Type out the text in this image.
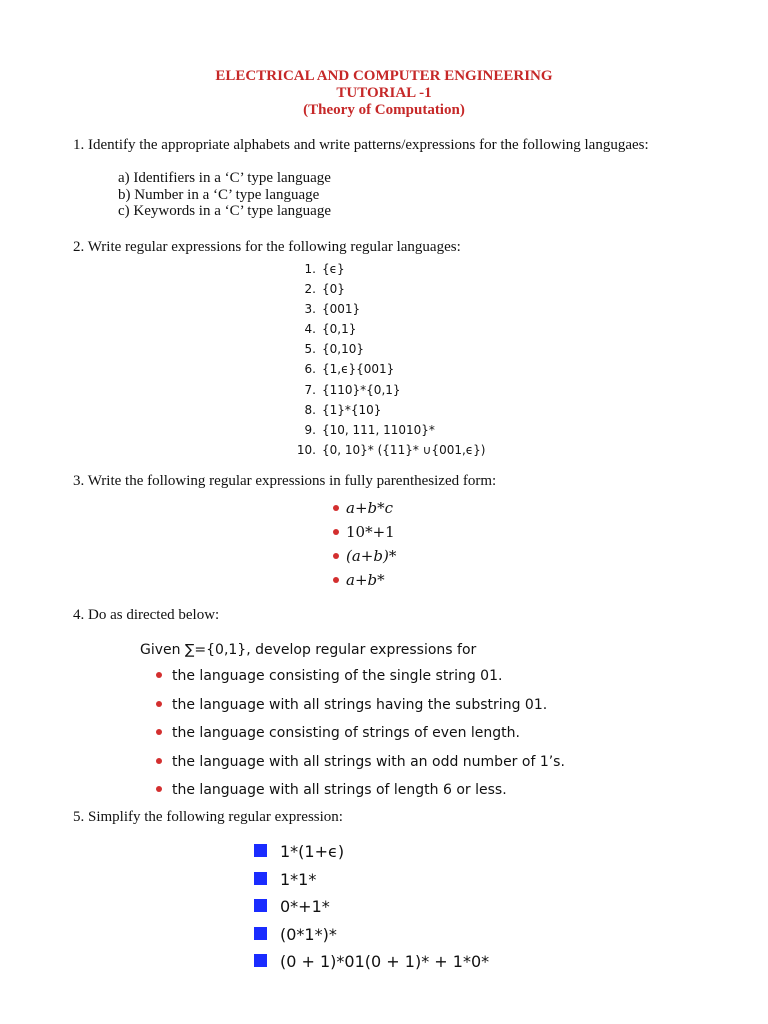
ELECTRICAL AND COMPUTER ENGINEERING
TUTORIAL -1
(Theory of Computation)
1. Identify the appropriate alphabets and write patterns/expressions for the following langugaes:
a) Identifiers in a ‘C’ type language
b) Number in a ‘C’ type language
c) Keywords in a ‘C’ type language
2. Write regular expressions for the following regular languages:
1. {ϵ}
2. {0}
3. {001}
4. {0,1}
5. {0,10}
6. {1,ϵ}{001}
7. {110}*{0,1}
8. {1}*{10}
9. {10, 111, 11010}*
10. {0, 10}* ({11}* ∪{001,ϵ})
3. Write the following regular expressions in fully parenthesized form:
a+b*c
10*+1
(a+b)*
a+b*
4. Do as directed below:
Given ∑={0,1}, develop regular expressions for
the language consisting of the single string 01.
the language with all strings having the substring 01.
the language consisting of strings of even length.
the language with all strings with an odd number of 1’s.
the language with all strings of length 6 or less.
5. Simplify the following regular expression:
1*(1+ϵ)
1*1*
0*+1*
(0*1*)*
(0 + 1)*01(0 + 1)* + 1*0*
